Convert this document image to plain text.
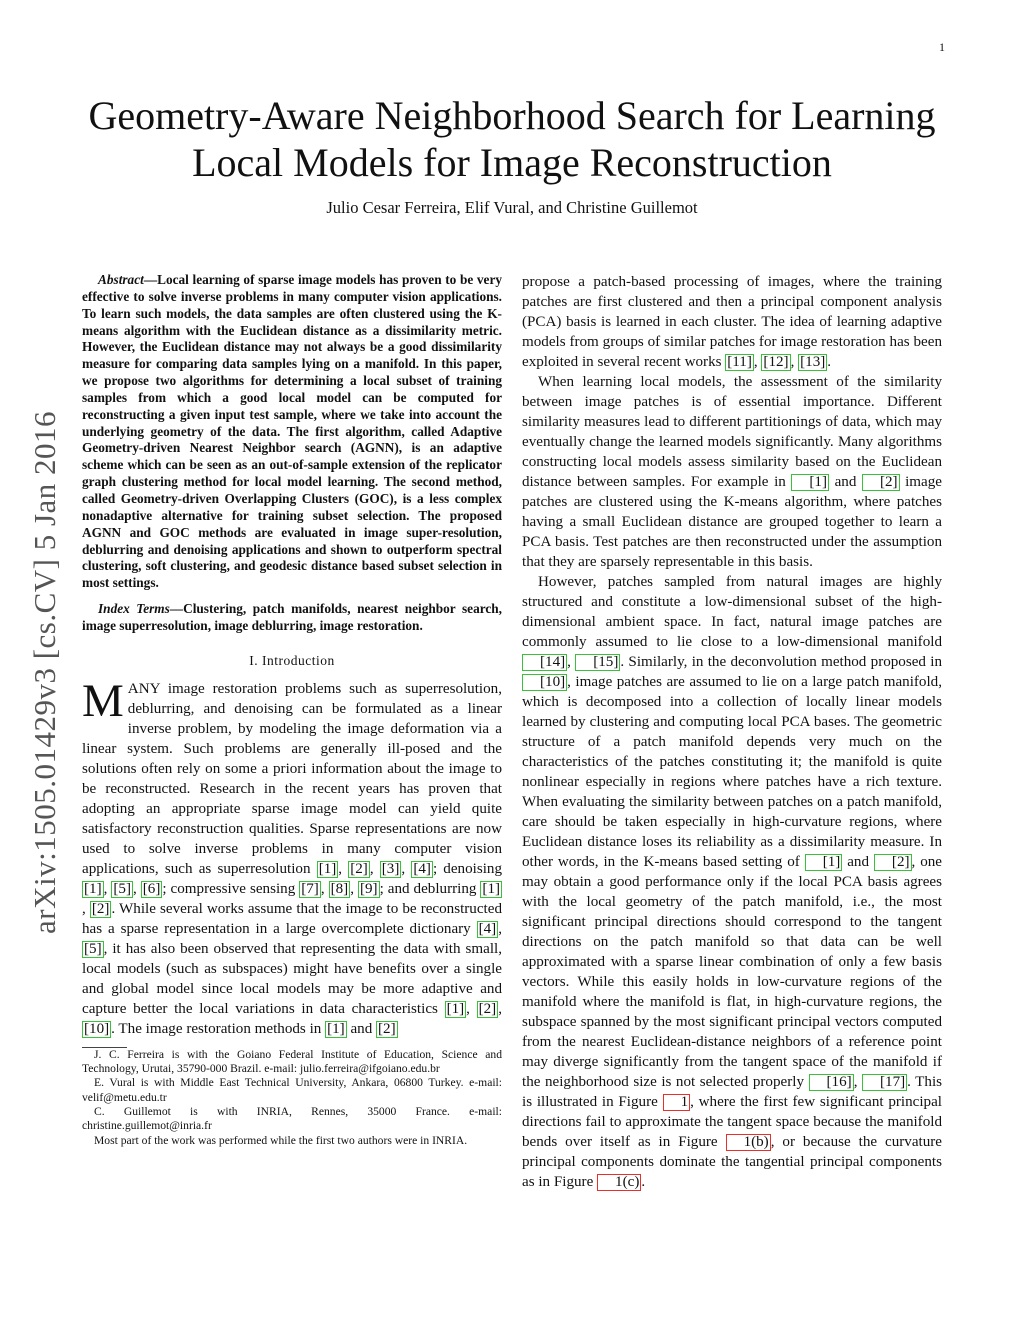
1
arXiv:1505.01429v3 [cs.CV] 5 Jan 2016
Geometry-Aware Neighborhood Search for Learning
Local Models for Image Reconstruction
Julio Cesar Ferreira, Elif Vural, and Christine Guillemot

Abstract—Local learning of sparse image models has proven to be very effective to solve inverse problems in many computer vision applications. To learn such models, the data samples are often clustered using the K-means algorithm with the Euclidean distance as a dissimilarity metric. However, the Euclidean distance may not always be a good dissimilarity measure for comparing data samples lying on a manifold. In this paper, we propose two algorithms for determining a local subset of training samples from which a good local model can be computed for reconstructing a given input test sample, where we take into account the underlying geometry of the data. The first algorithm, called Adaptive Geometry-driven Nearest Neighbor search (AGNN), is an adaptive scheme which can be seen as an out-of-sample extension of the replicator graph clustering method for local model learning. The second method, called Geometry-driven Overlapping Clusters (GOC), is a less complex nonadaptive alternative for training subset selection. The proposed AGNN and GOC methods are evaluated in image super-resolution, deblurring and denoising applications and shown to outperform spectral clustering, soft clustering, and geodesic distance based subset selection in most settings.

Index Terms—Clustering, patch manifolds, nearest neighbor search, image superresolution, image deblurring, image restoration.

I. Introduction

MANY image restoration problems such as superresolution, deblurring, and denoising can be formulated as a linear inverse problem, by modeling the image deformation via a linear system. Such problems are generally ill-posed and the solutions often rely on some a priori information about the image to be reconstructed. Research in the recent years has proven that adopting an appropriate sparse image model can yield quite satisfactory reconstruction qualities. Sparse representations are now used to solve inverse problems in many computer vision applications, such as superresolution [1] , [2] , [3] , [4] ; denoising [1] , [5] , [6] ; compressive sensing [7] , [8] , [9] ; and deblurring [1], [2] . While several works assume that the image to be reconstructed has a sparse representation in a large overcomplete dictionary [4] , [5] , it has also been observed that representing the data with small, local models (such as subspaces) might have benefits over a single and global model since local models may be more adaptive and capture better the local variations in data characteristics [1] , [2] , [10] . The image restoration methods in [1] and [2]

J. C. Ferreira is with the Goiano Federal Institute of Education, Science and Technology, Urutai, 35790-000 Brazil. e-mail: julio.ferreira@ifgoiano.edu.br

E. Vural is with Middle East Technical University, Ankara, 06800 Turkey. e-mail: velif@metu.edu.tr

C. Guillemot is with INRIA, Rennes, 35000 France. e-mail: christine.guillemot@inria.fr

Most part of the work was performed while the first two authors were in INRIA.

propose a patch-based processing of images, where the training patches are first clustered and then a principal component analysis (PCA) basis is learned in each cluster. The idea of learning adaptive models from groups of similar patches for image restoration has been exploited in several recent works [11] , [12] , [13] .

When learning local models, the assessment of the similarity between image patches is of essential importance. Different similarity measures lead to different partitionings of data, which may eventually change the learned models significantly. Many algorithms constructing local models assess similarity based on the Euclidean distance between samples. For example in [1] and [2] image patches are clustered using the K-means algorithm, where patches having a small Euclidean distance are grouped together to learn a PCA basis. Test patches are then reconstructed under the assumption that they are sparsely representable in this basis.

However, patches sampled from natural images are highly structured and constitute a low-dimensional subset of the high-dimensional ambient space. In fact, natural image patches are commonly assumed to lie close to a low-dimensional manifold [14] , [15] . Similarly, in the deconvolution method proposed in [10] , image patches are assumed to lie on a large patch manifold, which is decomposed into a collection of locally linear models learned by clustering and computing local PCA bases. The geometric structure of a patch manifold depends very much on the characteristics of the patches constituting it; the manifold is quite nonlinear especially in regions where patches have a rich texture. When evaluating the similarity between patches on a patch manifold, care should be taken especially in high-curvature regions, where Euclidean distance loses its reliability as a dissimilarity measure. In other words, in the K-means based setting of [1] and [2] , one may obtain a good performance only if the local PCA basis agrees with the local geometry of the patch manifold, i.e., the most significant principal directions should correspond to the tangent directions on the patch manifold so that data can be well approximated with a sparse linear combination of only a few basis vectors. While this easily holds in low-curvature regions of the manifold where the manifold is flat, in high-curvature regions, the subspace spanned by the most significant principal vectors computed from the nearest Euclidean-distance neighbors of a reference point may diverge significantly from the tangent space of the manifold if the neighborhood size is not selected properly [16] , [17] . This is illustrated in Figure 1 , where the first few significant principal directions fail to approximate the tangent space because the manifold bends over itself as in Figure 1(b) , or because the curvature principal components dominate the tangential principal components as in Figure 1(c) .
